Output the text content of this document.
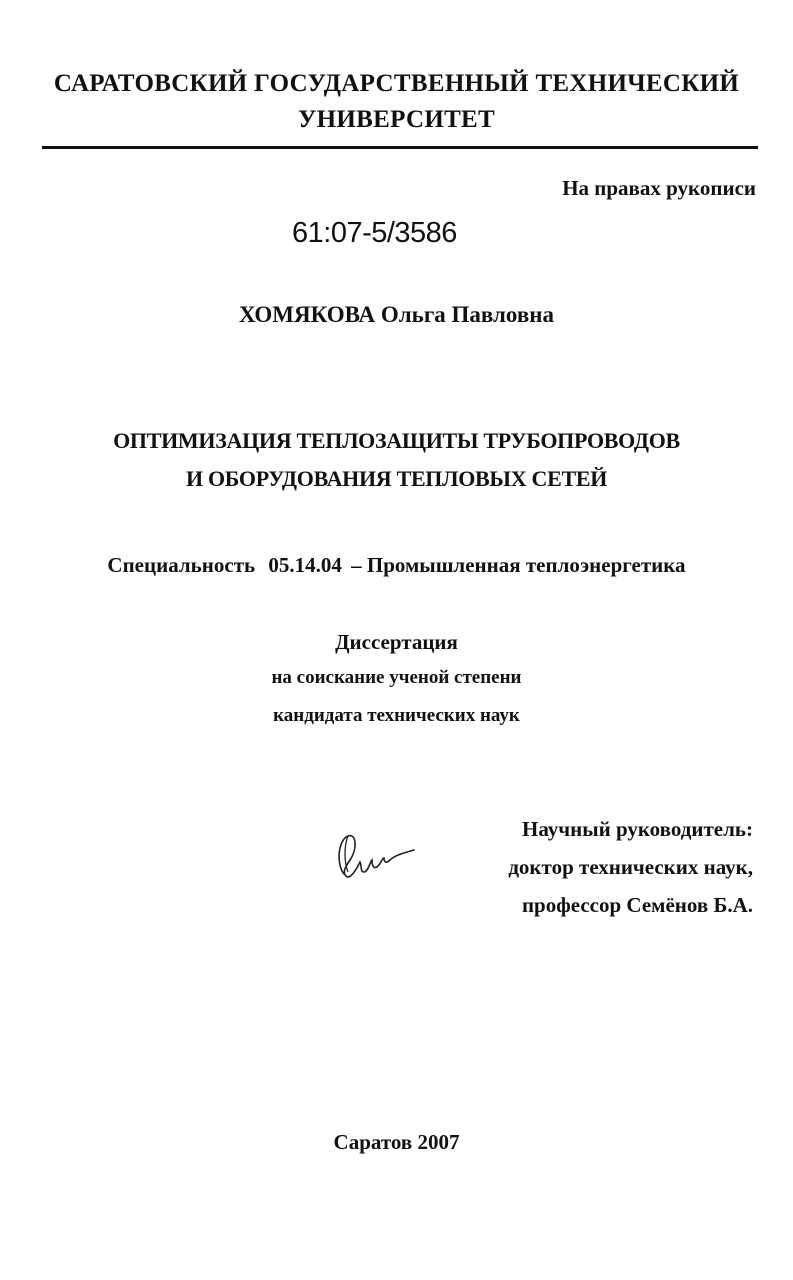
САРАТОВСКИЙ ГОСУДАРСТВЕННЫЙ ТЕХНИЧЕСКИЙ
УНИВЕРСИТЕТ
На правах рукописи
61:07-5/3586
ХОМЯКОВА Ольга Павловна
ОПТИМИЗАЦИЯ ТЕПЛОЗАЩИТЫ ТРУБОПРОВОДОВ
И ОБОРУДОВАНИЯ ТЕПЛОВЫХ СЕТЕЙ
Специальность 05.14.04 – Промышленная теплоэнергетика
Диссертация
на соискание ученой степени
кандидата технических наук
Научный руководитель:
доктор технических наук,
профессор Семёнов Б.А.
Саратов 2007
